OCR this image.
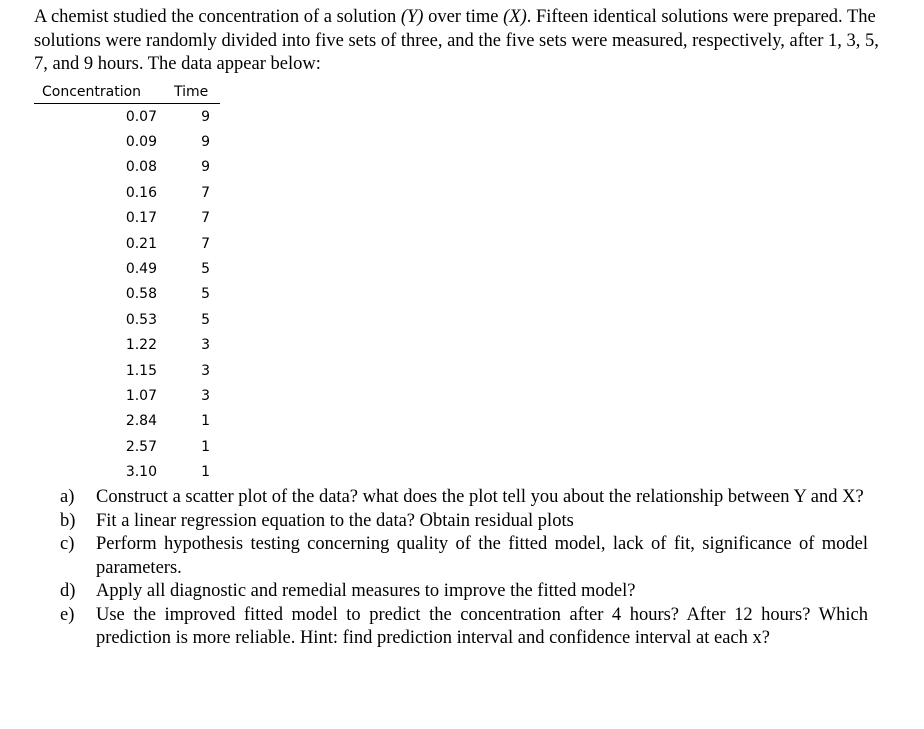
A chemist studied the concentration of a solution (Y) over time (X). Fifteen identical solutions were prepared. The solutions were randomly divided into five sets of three, and the five sets were measured, respectively, after 1, 3, 5, 7, and 9 hours. The data appear below:

Concentration	Time
0.07	9
0.09	9
0.08	9
0.16	7
0.17	7
0.21	7
0.49	5
0.58	5
0.53	5
1.22	3
1.15	3
1.07	3
2.84	1
2.57	1
3.10	1
a) Construct a scatter plot of the data? what does the plot tell you about the relationship between Y and X?
b) Fit a linear regression equation to the data? Obtain residual plots
c) Perform hypothesis testing concerning quality of the fitted model, lack of fit, significance of model parameters.
d) Apply all diagnostic and remedial measures to improve the fitted model?
e) Use the improved fitted model to predict the concentration after 4 hours? After 12 hours? Which prediction is more reliable. Hint: find prediction interval and confidence interval at each x?
